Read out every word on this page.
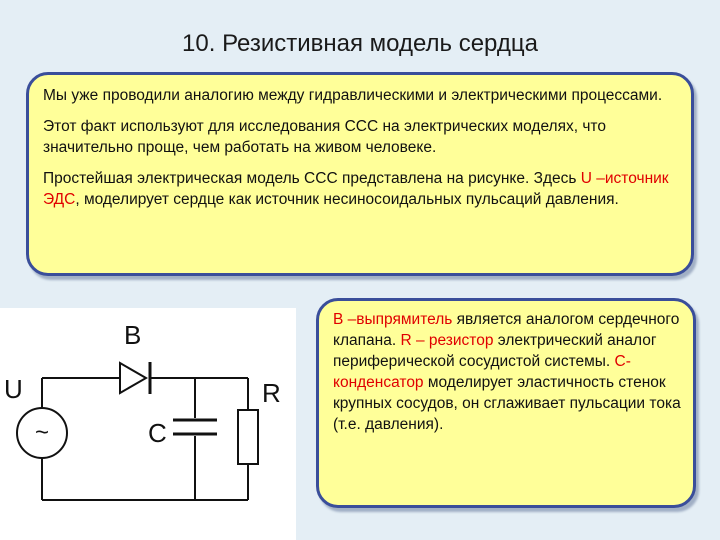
10. Резистивная модель сердца

Мы уже проводили аналогию между гидравлическими и электрическими процессами.

Этот факт используют для исследования ССС на электрических моделях, что значительно проще, чем работать на живом человеке.

Простейшая электрическая модель ССС представлена на рисунке. Здесь U –источник ЭДС, моделирует сердце как источник несиносоидальных пульсаций давления.

~
B
U	R
C

В –выпрямитель является аналогом сердечного клапана. R – резистор электрический аналог периферической сосудистой системы. С- конденсатор моделирует эластичность стенок крупных сосудов, он сглаживает пульсации тока (т.е. давления).
